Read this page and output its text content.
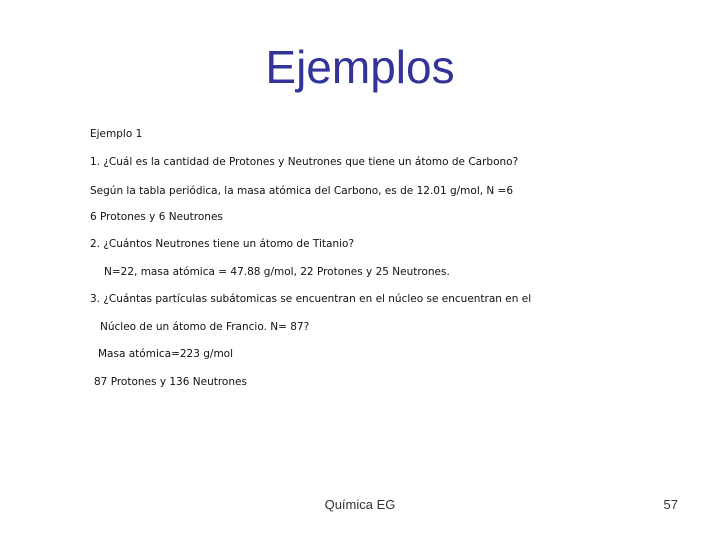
Ejemplos
Ejemplo 1
1. ¿Cuál es la cantidad de Protones y Neutrones que tiene un átomo de Carbono?
Según la tabla periódica, la masa atómica del Carbono, es de 12.01 g/mol, N =6
6 Protones y 6 Neutrones
2. ¿Cuántos Neutrones tiene un átomo de Titanio?
N=22, masa atómica = 47.88 g/mol, 22 Protones y 25 Neutrones.
3. ¿Cuántas partículas subátomicas se encuentran en el núcleo se encuentran en el
Núcleo de un átomo de Francio. N= 87?
Masa atómica=223 g/mol
87 Protones y 136 Neutrones
Química EG	57
